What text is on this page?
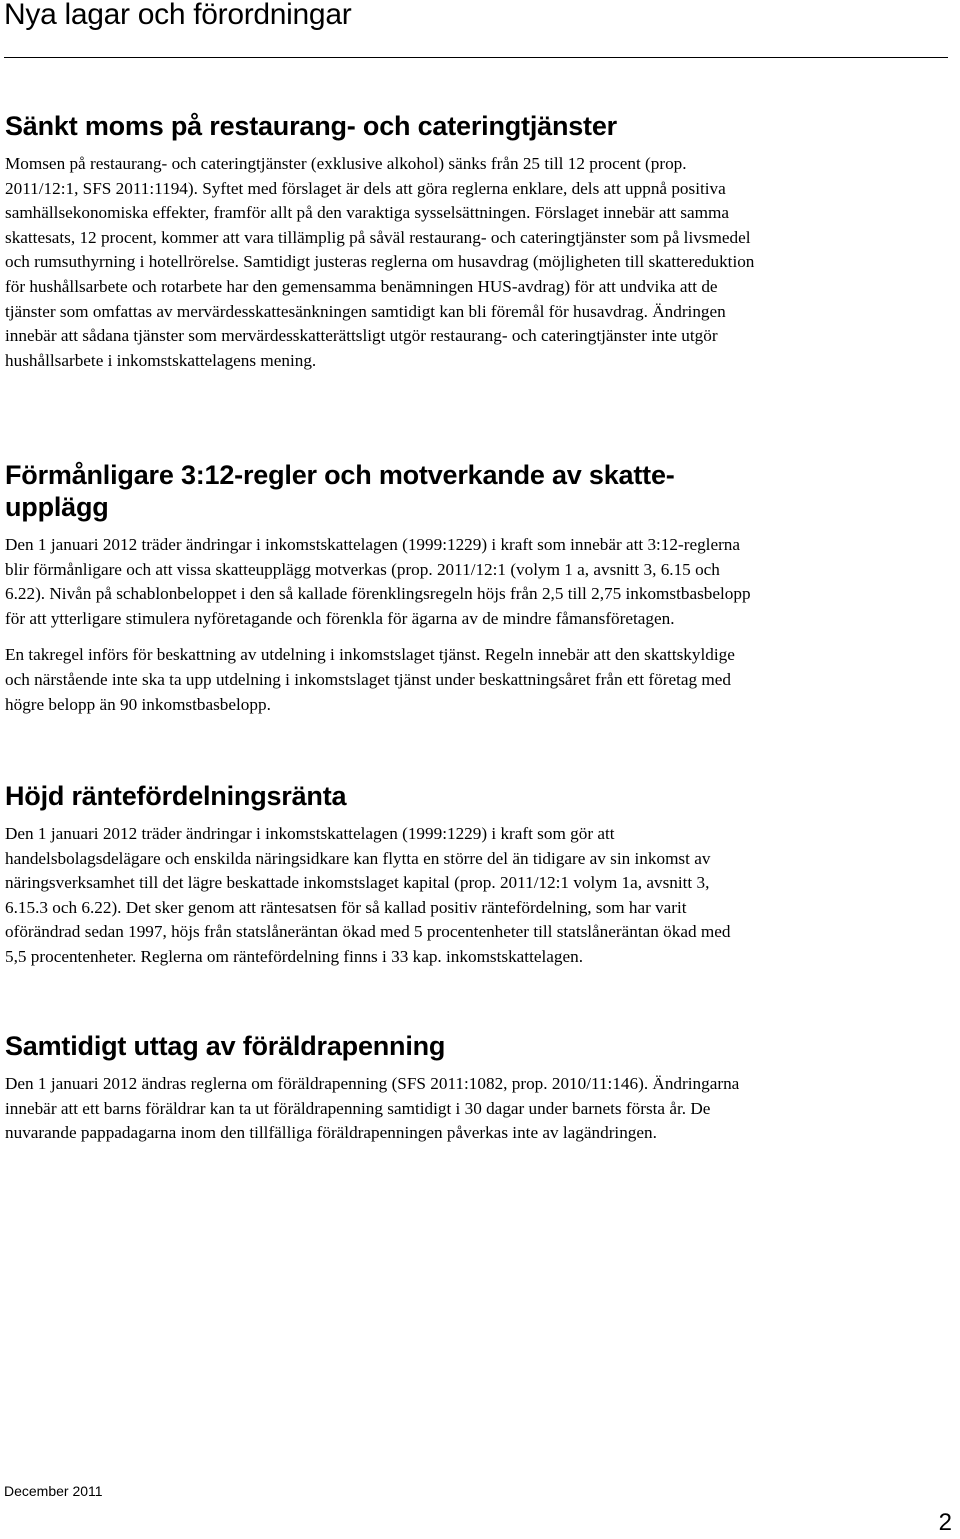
Nya lagar och förordningar
Sänkt moms på restaurang- och cateringtjänster

Momsen på restaurang- och cateringtjänster (exklusive alkohol) sänks från 25 till 12 procent (prop. 2011/12:1, SFS 2011:1194). Syftet med förslaget är dels att göra reglerna enklare, dels att uppnå positiva samhällsekonomiska effekter, framför allt på den varaktiga sysselsättningen. Förslaget innebär att samma skattesats, 12 procent, kommer att vara tillämplig på såväl restaurang- och cateringtjänster som på livsmedel och rumsuthyrning i hotellrörelse. Samtidigt justeras reglerna om husavdrag (möjligheten till skattereduktion för hushållsarbete och rotarbete har den gemensamma benämningen HUS-avdrag) för att undvika att de tjänster som omfattas av mervärdesskattesänkningen samtidigt kan bli föremål för husavdrag. Ändringen innebär att sådana tjänster som mervärdesskatterättsligt utgör restaurang- och cateringtjänster inte utgör hushållsarbete i inkomstskattelagens mening.

Förmånligare 3:12-regler och motverkande av skatte-upplägg

Den 1 januari 2012 träder ändringar i inkomstskattelagen (1999:1229) i kraft som innebär att 3:12-reglerna blir förmånligare och att vissa skatteupplägg motverkas (prop. 2011/12:1 (volym 1 a, avsnitt 3, 6.15 och 6.22). Nivån på schablonbeloppet i den så kallade förenklingsregeln höjs från 2,5 till 2,75 inkomstbasbelopp för att ytterligare stimulera nyföretagande och förenkla för ägarna av de mindre fåmansföretagen.

En takregel införs för beskattning av utdelning i inkomstslaget tjänst. Regeln innebär att den skattskyldige och närstående inte ska ta upp utdelning i inkomstslaget tjänst under beskattningsåret från ett företag med högre belopp än 90 inkomstbasbelopp.

Höjd räntefördelningsränta

Den 1 januari 2012 träder ändringar i inkomstskattelagen (1999:1229) i kraft som gör att handelsbolagsdelägare och enskilda näringsidkare kan flytta en större del än tidigare av sin inkomst av näringsverksamhet till det lägre beskattade inkomstslaget kapital (prop. 2011/12:1 volym 1a, avsnitt 3, 6.15.3 och 6.22). Det sker genom att räntesatsen för så kallad positiv räntefördelning, som har varit oförändrad sedan 1997, höjs från statslåneräntan ökad med 5 procentenheter till statslåneräntan ökad med 5,5 procentenheter. Reglerna om räntefördelning finns i 33 kap. inkomstskattelagen.

Samtidigt uttag av föräldrapenning

Den 1 januari 2012 ändras reglerna om föräldrapenning (SFS 2011:1082, prop. 2010/11:146). Ändringarna innebär att ett barns föräldrar kan ta ut föräldrapenning samtidigt i 30 dagar under barnets första år. De nuvarande pappadagarna inom den tillfälliga föräldrapenningen påverkas inte av lagändringen.

December 2011
2
